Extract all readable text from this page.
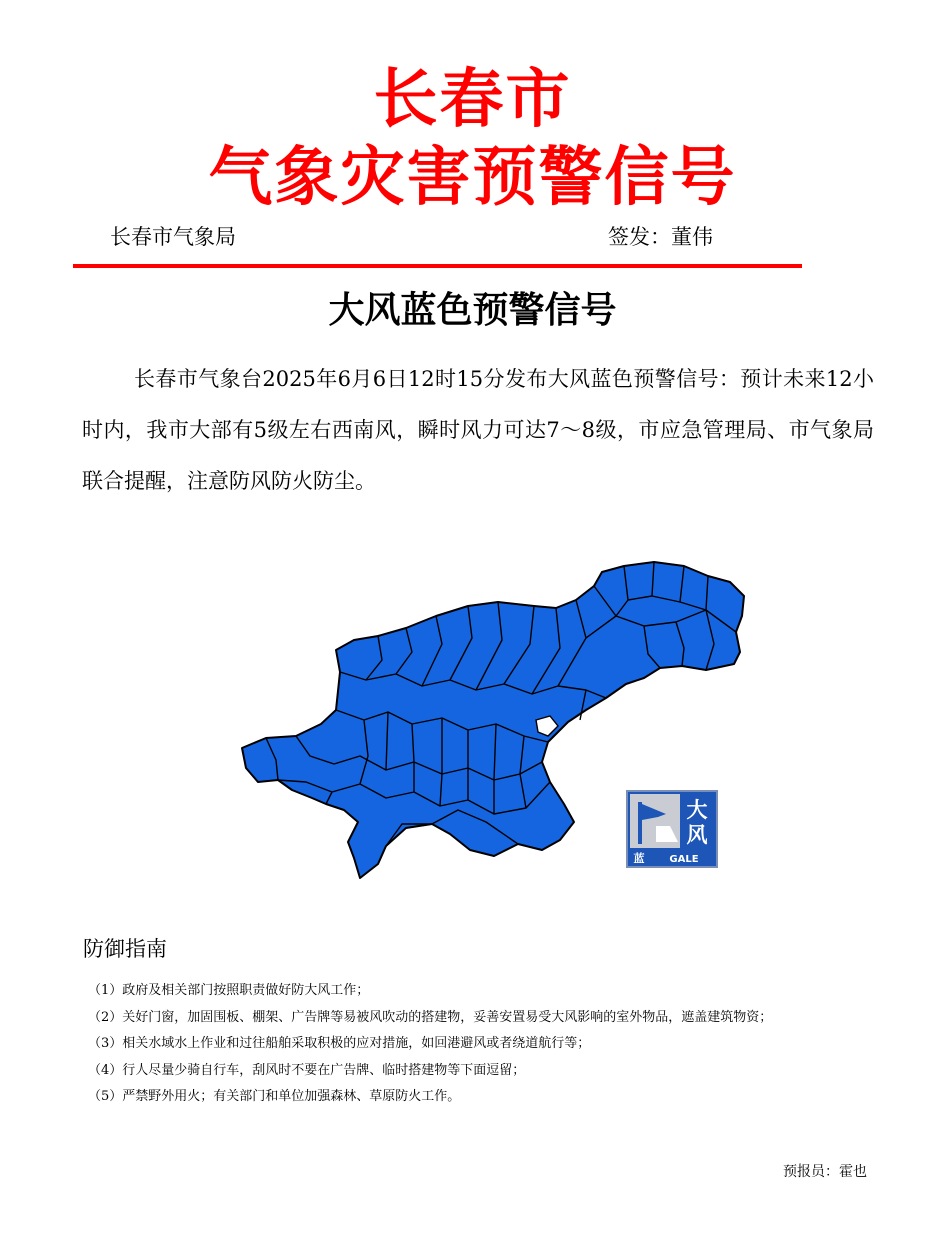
长春市
气象灾害预警信号
长春市气象局	签发：董伟
大风蓝色预警信号

长春市气象台2025年6月6日12时15分发布大风蓝色预警信号：预计未来12小时内，我市大部有5级左右西南风，瞬时风力可达7～8级，市应急管理局、市气象局联合提醒，注意防风防火防尘。

大
风
蓝 GALE
防御指南
（1）政府及相关部门按照职责做好防大风工作；
（2）关好门窗，加固围板、棚架、广告牌等易被风吹动的搭建物，妥善安置易受大风影响的室外物品，遮盖建筑物资；
（3）相关水域水上作业和过往船舶采取积极的应对措施，如回港避风或者绕道航行等；
（4）行人尽量少骑自行车，刮风时不要在广告牌、临时搭建物等下面逗留；
（5）严禁野外用火；有关部门和单位加强森林、草原防火工作。
预报员：霍也
